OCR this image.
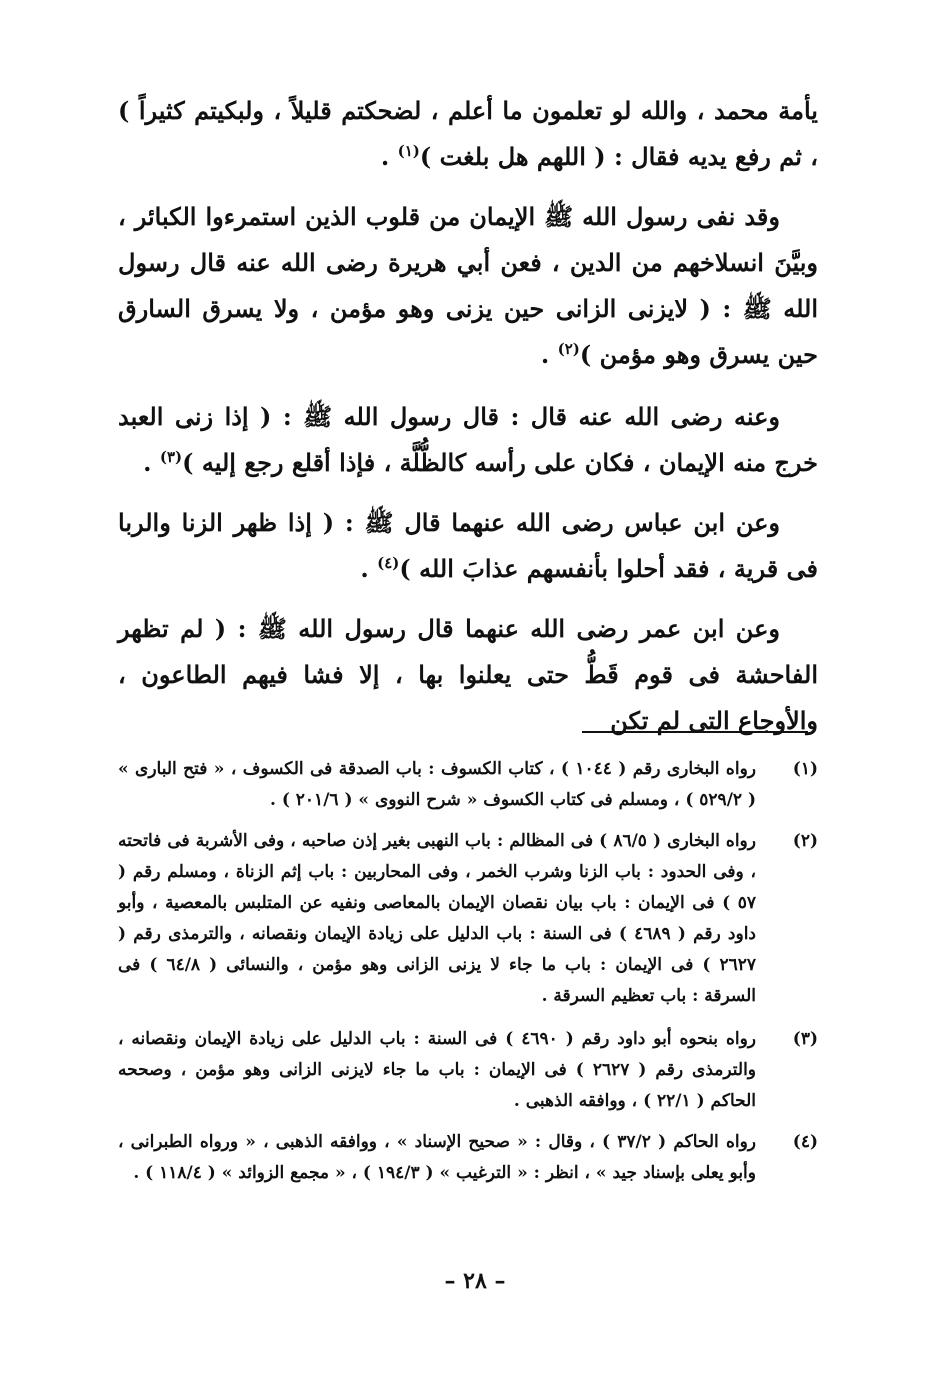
يأمة محمد ، والله لو تعلمون ما أعلم ، لضحكتم قليلاً ، ولبكيتم كثيراً ) ، ثم رفع يديه فقال : ( اللهم هل بلغت )$^{(١)}$ .

وقد نفى رسول الله ﷺ الإيمان من قلوب الذين استمرءوا الكبائر ، وبيَّنَ انسلاخهم من الدين ، فعن أبي هريرة رضى الله عنه قال رسول الله ﷺ : ( لايزنى الزانى حين يزنى وهو مؤمن ، ولا يسرق السارق حين يسرق وهو مؤمن )$^{(٢)}$ .

وعنه رضى الله عنه قال : قال رسول الله ﷺ : ( إذا زنى العبد خرج منه الإيمان ، فكان على رأسه كالظُّلَّة ، فإذا أقلع رجع إليه )$^{(٣)}$ .

وعن ابن عباس رضى الله عنهما قال ﷺ : ( إذا ظهر الزنا والربا فى قرية ، فقد أحلوا بأنفسهم عذابَ الله )$^{(٤)}$ .

وعن ابن عمر رضى الله عنهما قال رسول الله ﷺ : ( لم تظهر الفاحشة فى قوم قَطُّ حتى يعلنوا بها ، إلا فشا فيهم الطاعون ، والأوجاع التى لم تكن

(١)
رواه البخارى رقم ( ١٠٤٤ ) ، كتاب الكسوف : باب الصدقة فى الكسوف ، « فتح البارى » ( ٥٢٩/٢ ) ، ومسلم فى كتاب الكسوف « شرح النووى » ( ٢٠١/٦ ) .
(٢)
رواه البخارى ( ٨٦/٥ ) فى المظالم : باب النهبى بغير إذن صاحبه ، وفى الأشربة فى فاتحته ، وفى الحدود : باب الزنا وشرب الخمر ، وفى المحاربين : باب إثم الزناة ، ومسلم رقم ( ٥٧ ) فى الإيمان : باب بيان نقصان الإيمان بالمعاصى ونفيه عن المتلبس بالمعصية ، وأبو داود رقم ( ٤٦٨٩ ) فى السنة : باب الدليل على زيادة الإيمان ونقصانه ، والترمذى رقم ( ٢٦٢٧ ) فى الإيمان : باب ما جاء لا يزنى الزانى وهو مؤمن ، والنسائى ( ٦٤/٨ ) فى السرقة : باب تعظيم السرقة .
(٣)
رواه بنحوه أبو داود رقم ( ٤٦٩٠ ) فى السنة : باب الدليل على زيادة الإيمان ونقصانه ، والترمذى رقم ( ٢٦٢٧ ) فى الإيمان : باب ما جاء لايزنى الزانى وهو مؤمن ، وصححه الحاكم ( ٢٢/١ ) ، ووافقه الذهبى .
(٤)
رواه الحاكم ( ٣٧/٢ ) ، وقال : « صحيح الإسناد » ، ووافقه الذهبى ، « ورواه الطبرانى ، وأبو يعلى بإسناد جيد » ، انظر : « الترغيب » ( ١٩٤/٣ ) ، « مجمع الزوائد » ( ١١٨/٤ ) .
– ٢٨ –
